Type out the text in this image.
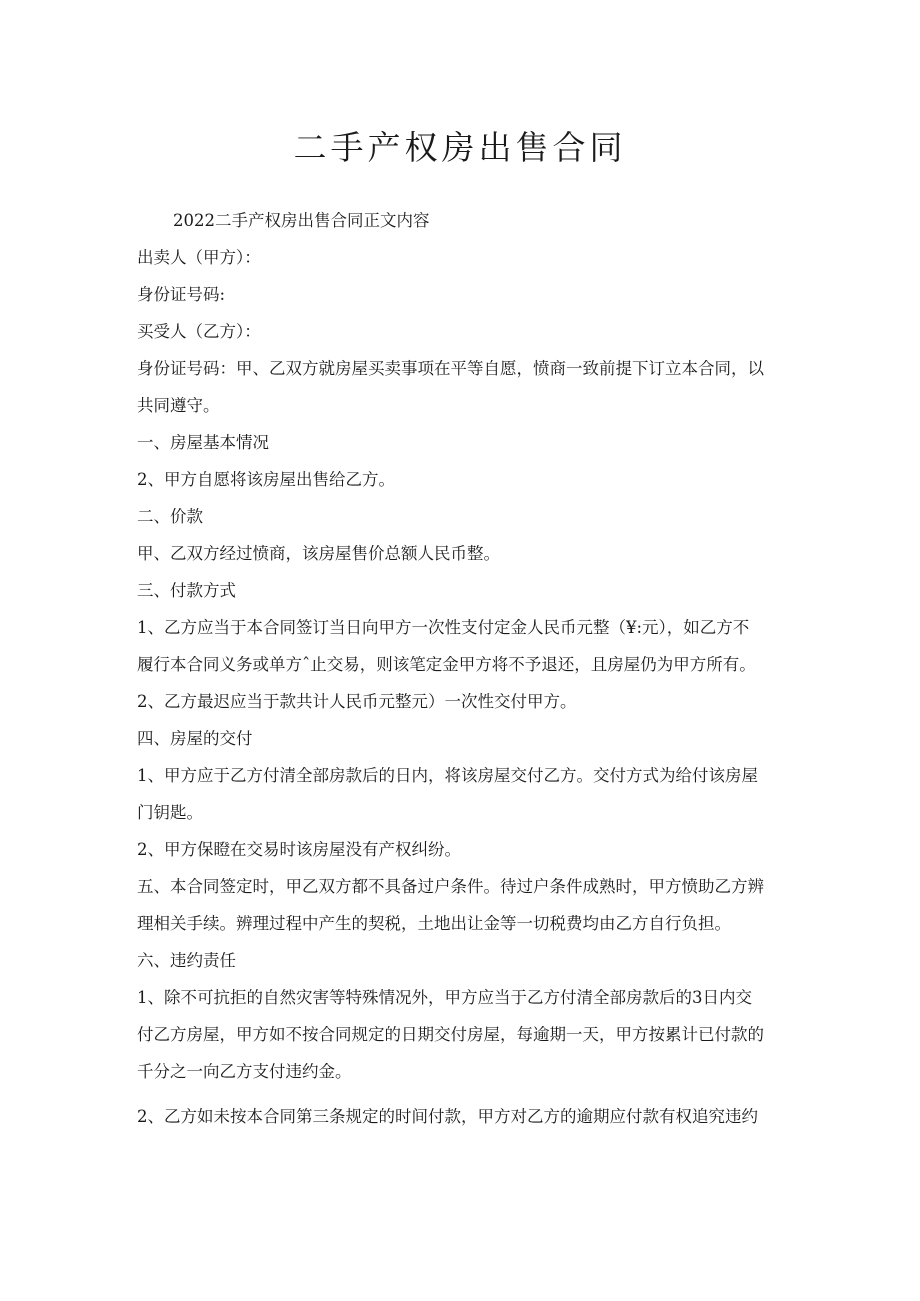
二手产权房出售合同

2022二手产权房出售合同正文内容

出卖人（甲方）：

身份证号码:

买受人（乙方）：

身份证号码：甲、乙双方就房屋买卖事项在平等自愿，愤商一致前提下订立本合同，以

共同遵守。

一、房屋基本情况

2、甲方自愿将该房屋出售给乙方。

二、价款

甲、乙双方经过愤商，该房屋售价总额人民币整。

三、付款方式

1、乙方应当于本合同签订当日向甲方一次性支付定金人民币元整（¥:元），如乙方不

履行本合同义务或单方ˆ止交易，则该笔定金甲方将不予退还，且房屋仍为甲方所有。

2、乙方最迟应当于款共计人民币元整元）一次性交付甲方。

四、房屋的交付

1、甲方应于乙方付清全部房款后的日内，将该房屋交付乙方。交付方式为给付该房屋

门钥匙。

2、甲方保瞪在交易时该房屋没有产权纠纷。

五、本合同签定时，甲乙双方都不具备过户条件。待过户条件成熟时，甲方愤助乙方辨

理相关手续。辨理过程中产生的契税，土地出让金等一切税费均由乙方自行负担。

六、违约责任

1、除不可抗拒的自然灾害等特殊情况外，甲方应当于乙方付清全部房款后的3日内交

付乙方房屋，甲方如不按合同规定的日期交付房屋，每逾期一天，甲方按累计已付款的

千分之一向乙方支付违约金。

2、乙方如未按本合同第三条规定的时间付款，甲方对乙方的逾期应付款有权追究违约
